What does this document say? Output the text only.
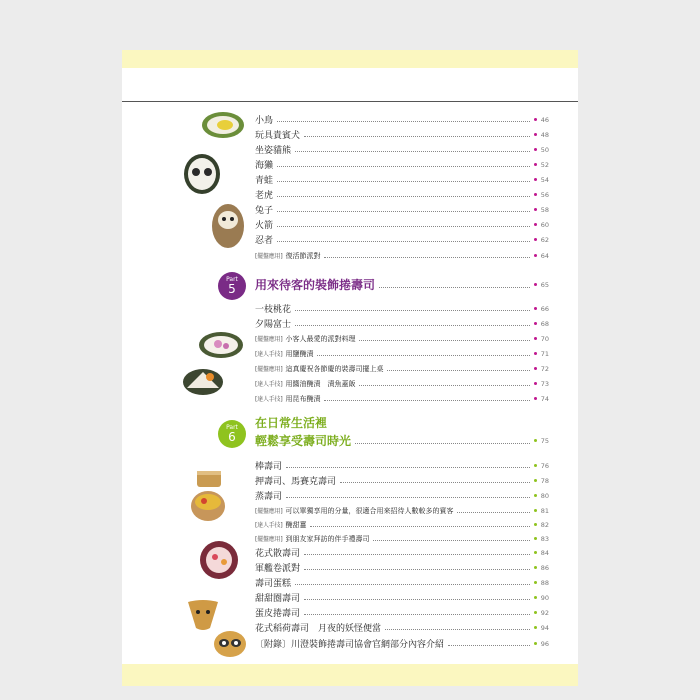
Part
5	用來待客的裝飾捲壽司	65
Part
6
在日常生活裡
輕鬆享受壽司時光	75
小鳥	46
玩具貴賓犬	48
坐姿貓熊	50
海獺	52
青蛙	54
老虎	56
兔子	58
火箭	60
忍者	62
[擺盤應用] 復活節派對	64
一枝桃花	66
夕陽富士	68
[擺盤應用] 小客人最愛的派對料理	70
[達人手技] 用鹽醃漬	71
[擺盤應用] 這真慶祝各節慶的裝壽司擺上桌	72
[達人手技] 用醬油醃漬　漬魚蓋飯	73
[達人手技] 用昆布醃漬	74
棒壽司	76
押壽司、馬賽克壽司	78
蒸壽司	80
[擺盤應用] 可以單獨享用的分量，很適合用來招待人數較多的賓客	81
[達人手技] 醃甜薑	82
[擺盤應用] 到朋友家拜訪的伴手禮壽司	83
花式散壽司	84
軍艦卷派對	86
壽司蛋糕	88
甜甜圈壽司	90
蛋皮捲壽司	92
花式稻荷壽司　月夜的妖怪便當	94
〔附錄〕川澄裝飾捲壽司協會官網部分內容介紹	96
